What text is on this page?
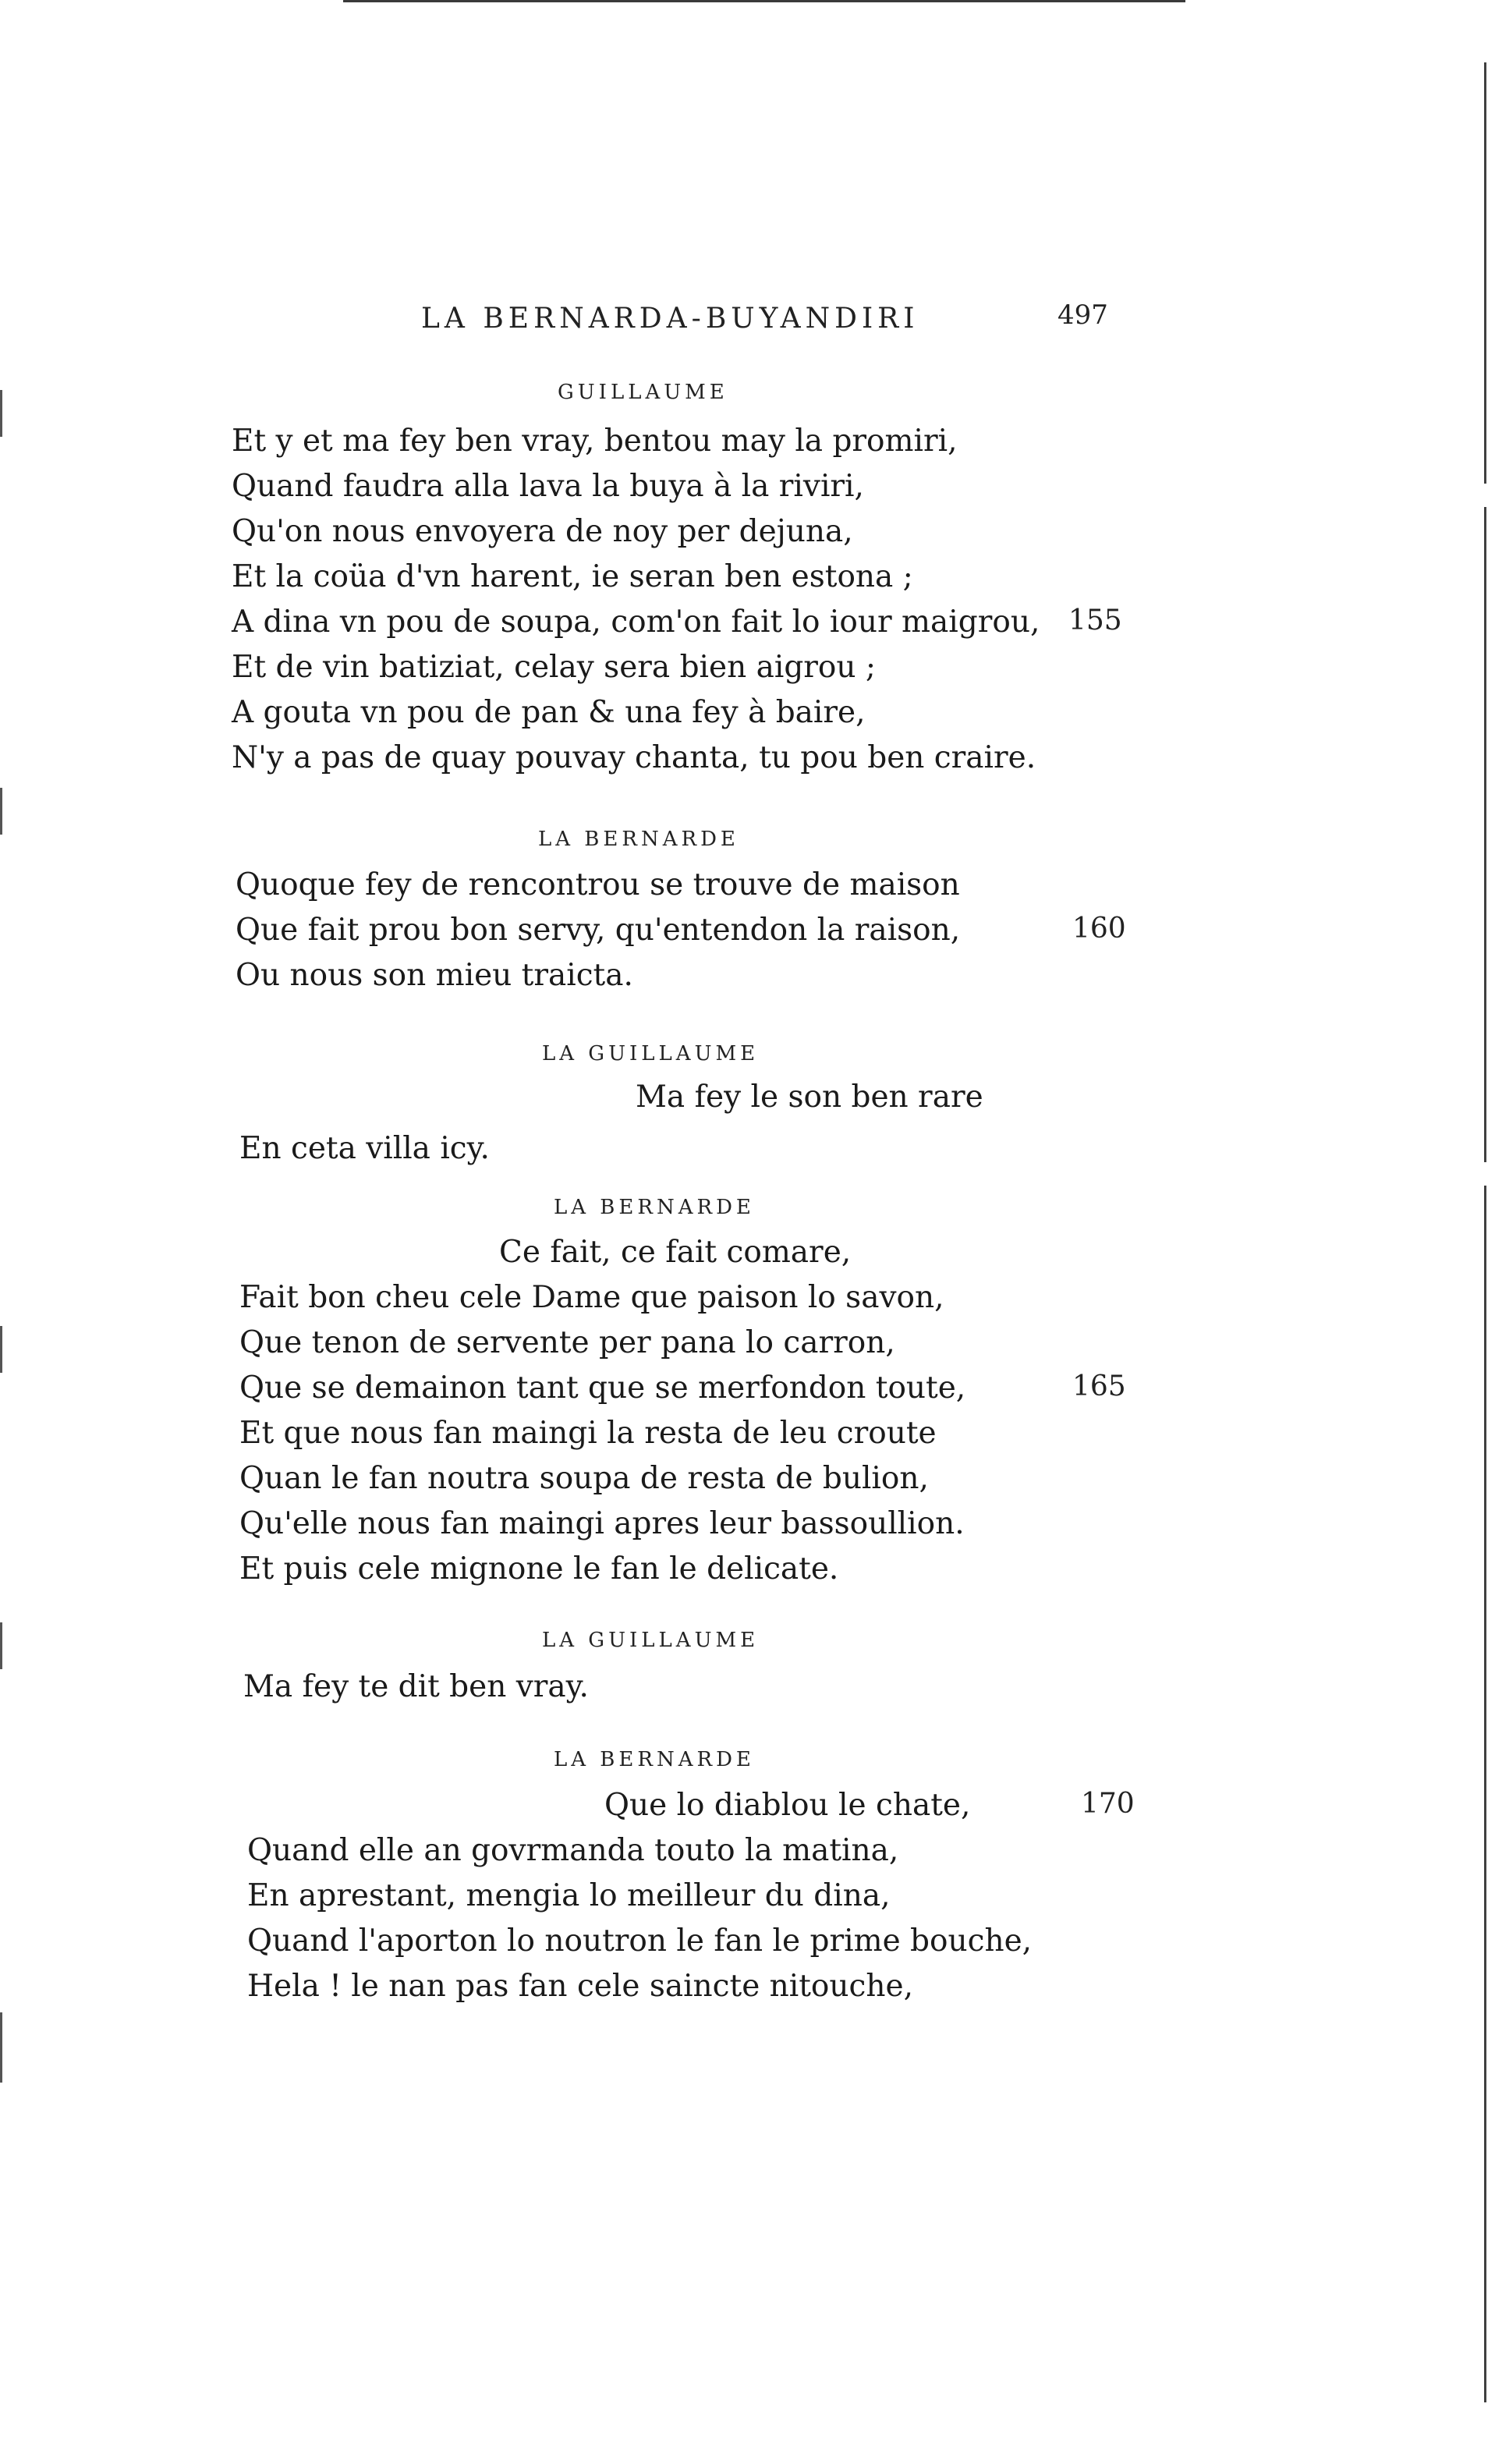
LA BERNARDA-BUYANDIRI	497
GUILLAUME
Et y et ma fey ben vray, bentou may la promiri,
Quand faudra alla lava la buya à la riviri,
Qu'on nous envoyera de noy per dejuna,
Et la coüa d'vn harent, ie seran ben estona ;
A dina vn pou de soupa, com'on fait lo iour maigrou,
Et de vin batiziat, celay sera bien aigrou ;
A gouta vn pou de pan & una fey à baire,
N'y a pas de quay pouvay chanta, tu pou ben craire.
155
LA BERNARDE
Quoque fey de rencontrou se trouve de maison
Que fait prou bon servy, qu'entendon la raison,
Ou nous son mieu traicta.
160
LA GUILLAUME
Ma fey le son ben rare
En ceta villa icy.
LA BERNARDE
Ce fait, ce fait comare,
Fait bon cheu cele Dame que paison lo savon,
Que tenon de servente per pana lo carron,
Que se demainon tant que se merfondon toute,
Et que nous fan maingi la resta de leu croute
Quan le fan noutra soupa de resta de bulion,
Qu'elle nous fan maingi apres leur bassoullion.
Et puis cele mignone le fan le delicate.
165
LA GUILLAUME
Ma fey te dit ben vray.
LA BERNARDE
Que lo diablou le chate,
Quand elle an govrmanda touto la matina,
En aprestant, mengia lo meilleur du dina,
Quand l'aporton lo noutron le fan le prime bouche,
Hela ! le nan pas fan cele saincte nitouche,
170
